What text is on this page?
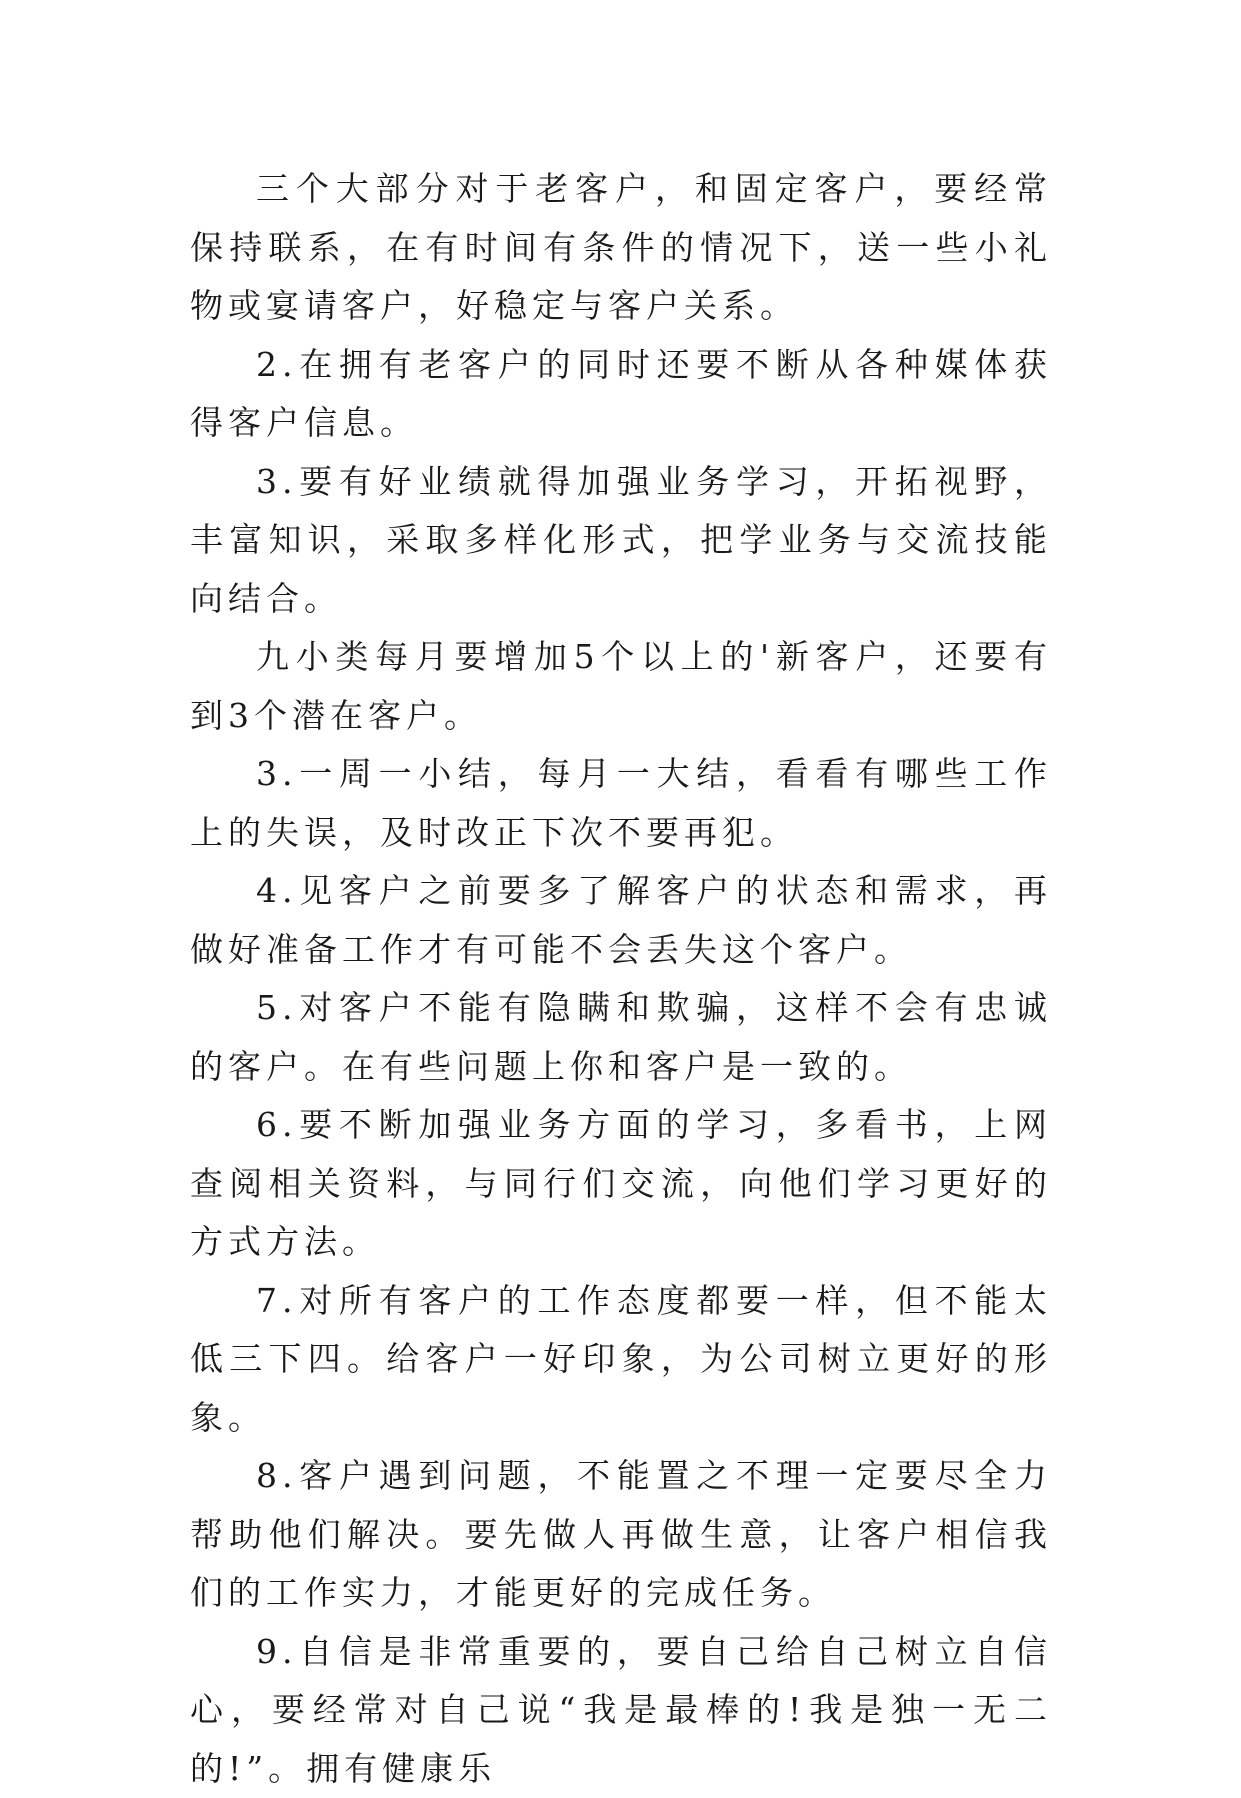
三个大部分对于老客户，和固定客户，要经常保持联系，在有时间有条件的情况下，送一些小礼物或宴请客户，好稳定与客户关系。

2.在拥有老客户的同时还要不断从各种媒体获得客户信息。

3.要有好业绩就得加强业务学习，开拓视野，丰富知识，采取多样化形式，把学业务与交流技能向结合。

九小类每月要增加5个以上的'新客户，还要有到3个潜在客户。

3.一周一小结，每月一大结，看看有哪些工作上的失误，及时改正下次不要再犯。

4.见客户之前要多了解客户的状态和需求，再做好准备工作才有可能不会丢失这个客户。

5.对客户不能有隐瞒和欺骗，这样不会有忠诚的客户。在有些问题上你和客户是一致的。

6.要不断加强业务方面的学习，多看书，上网查阅相关资料，与同行们交流，向他们学习更好的方式方法。

7.对所有客户的工作态度都要一样，但不能太低三下四。给客户一好印象，为公司树立更好的形象。

8.客户遇到问题，不能置之不理一定要尽全力帮助他们解决。要先做人再做生意，让客户相信我们的工作实力，才能更好的完成任务。

9.自信是非常重要的，要自己给自己树立自信心，要经常对自己说“我是最棒的!我是独一无二的!”。拥有健康乐
